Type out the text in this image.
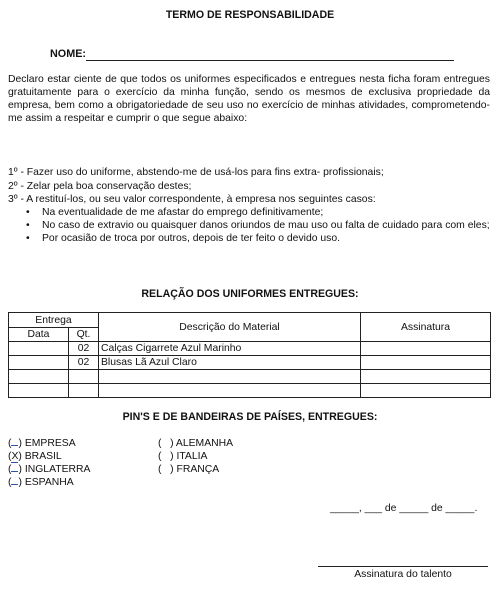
TERMO DE RESPONSABILIDADE
NOME:
Declaro estar ciente de que todos os uniformes especificados e entregues nesta ficha foram entregues gratuitamente para o exercício da minha função, sendo os mesmos de exclusiva propriedade da empresa, bem como a obrigatoriedade de seu uso no exercício de minhas atividades, comprometendo-me assim a respeitar e cumprir o que segue abaixo:
1º - Fazer uso do uniforme, abstendo-me de usá-los para fins extra- profissionais;
3º - A restituí-los, ou seu valor correspondente, à empresa nos seguintes casos:
• Na eventualidade de me afastar do emprego definitivamente;
• No caso de extravio ou quaisquer danos oriundos de mau uso ou falta de cuidado para com eles;
• Por ocasião de troca por outros, depois de ter feito o devido uso.
RELAÇÃO DOS UNIFORMES ENTREGUES:
Entrega		Descrição do Material	Assinatura
Data	Qt.		
	02	Calças Cigarrete Azul Marinho	
	02	Blusas Lã Azul Claro	

PIN'S E DE BANDEIRAS DE PAÍSES, ENTREGUES:
( ) EMPRESA
(X) BRASIL
( ) INGLATERRA
( ) ESPANHA
(   ) ALEMANHA
(   ) ITALIA
(   ) FRANÇA
_____, ___ de _____ de _____.
Assinatura do talento
2º - Zelar pela boa conservação destes;
